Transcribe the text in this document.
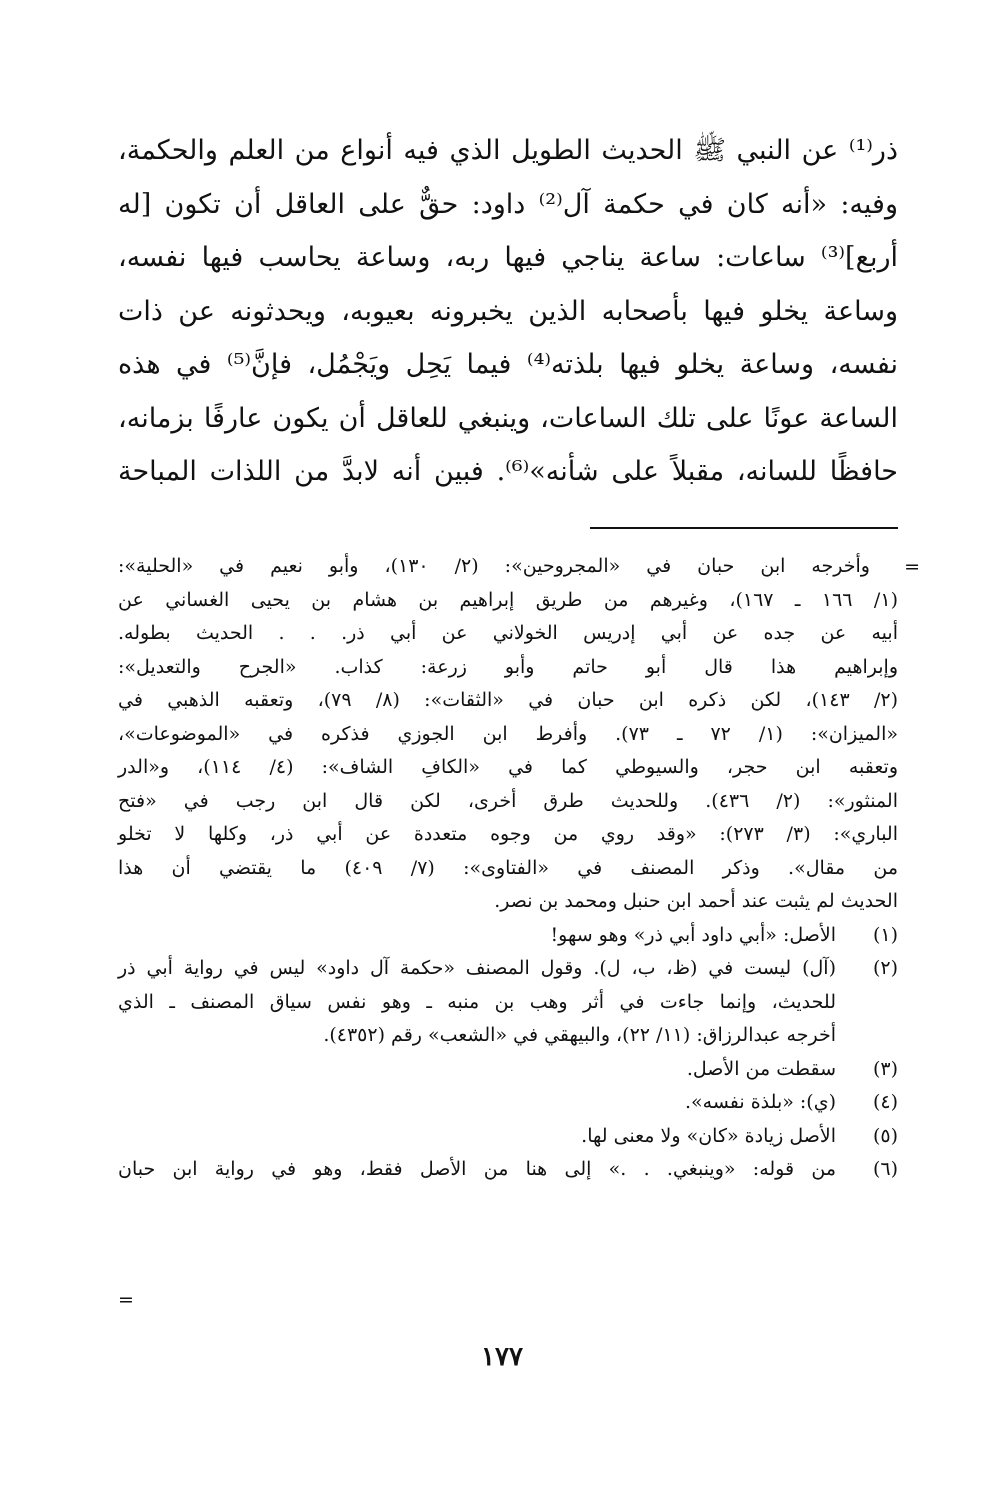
ذر⁽¹⁾ عن النبي ﷺ الحديث الطويل الذي فيه أنواع من العلم والحكمة،
وفيه: «أنه كان في حكمة آل⁽²⁾ داود: حقٌّ على العاقل أن تكون [له
أربع]⁽³⁾ ساعات: ساعة يناجي فيها ربه، وساعة يحاسب فيها نفسه،
وساعة يخلو فيها بأصحابه الذين يخبرونه بعيوبه، ويحدثونه عن ذات
نفسه، وساعة يخلو فيها بلذته⁽⁴⁾ فيما يَحِل ويَجْمُل، فإنَّ⁽⁵⁾ في هذه
الساعة عونًا على تلك الساعات، وينبغي للعاقل أن يكون عارفًا بزمانه،
حافظًا للسانه، مقبلاً على شأنه»⁽⁶⁾. فبين أنه لابدَّ من اللذات المباحة
=
وأخرجه ابن حبان في «المجروحين»: (٢/ ١٣٠)، وأبو نعيم في «الحلية»:
(١/ ١٦٦ ـ ١٦٧)، وغيرهم من طريق إبراهيم بن هشام بن يحيى الغساني عن
أبيه عن جده عن أبي إدريس الخولاني عن أبي ذر. . . الحديث بطوله.
وإبراهيم هذا قال أبو حاتم وأبو زرعة: كذاب. «الجرح والتعديل»:
(٢/ ١٤٣)، لكن ذكره ابن حبان في «الثقات»: (٨/ ٧٩)، وتعقبه الذهبي في
«الميزان»: (١/ ٧٢ ـ ٧٣). وأفرط ابن الجوزي فذكره في «الموضوعات»،
وتعقبه ابن حجر، والسيوطي كما في «الكافِ الشاف»: (٤/ ١١٤)، و«الدر
المنثور»: (٢/ ٤٣٦). وللحديث طرق أخرى، لكن قال ابن رجب في «فتح
الباري»: (٣/ ٢٧٣): «وقد روي من وجوه متعددة عن أبي ذر، وكلها لا تخلو
من مقال». وذكر المصنف في «الفتاوى»: (٧/ ٤٠٩) ما يقتضي أن هذا
الحديث لم يثبت عند أحمد ابن حنبل ومحمد بن نصر.
(١)
الأصل: «أبي داود أبي ذر» وهو سهو!
(٢)
(آل) ليست في (ظ، ب، ل). وقول المصنف «حكمة آل داود» ليس في رواية أبي ذر
للحديث، وإنما جاءت في أثر وهب بن منبه ـ وهو نفس سياق المصنف ـ الذي
أخرجه عبدالرزاق: (١١/ ٢٢)، والبيهقي في «الشعب» رقم (٤٣٥٢).
(٣)
سقطت من الأصل.
(٤)
(ي): «بلذة نفسه».
(٥)
الأصل زيادة «كان» ولا معنى لها.
(٦)
من قوله: «وينبغي. . .» إلى هنا من الأصل فقط، وهو في رواية ابن حبان
=
١٧٧
